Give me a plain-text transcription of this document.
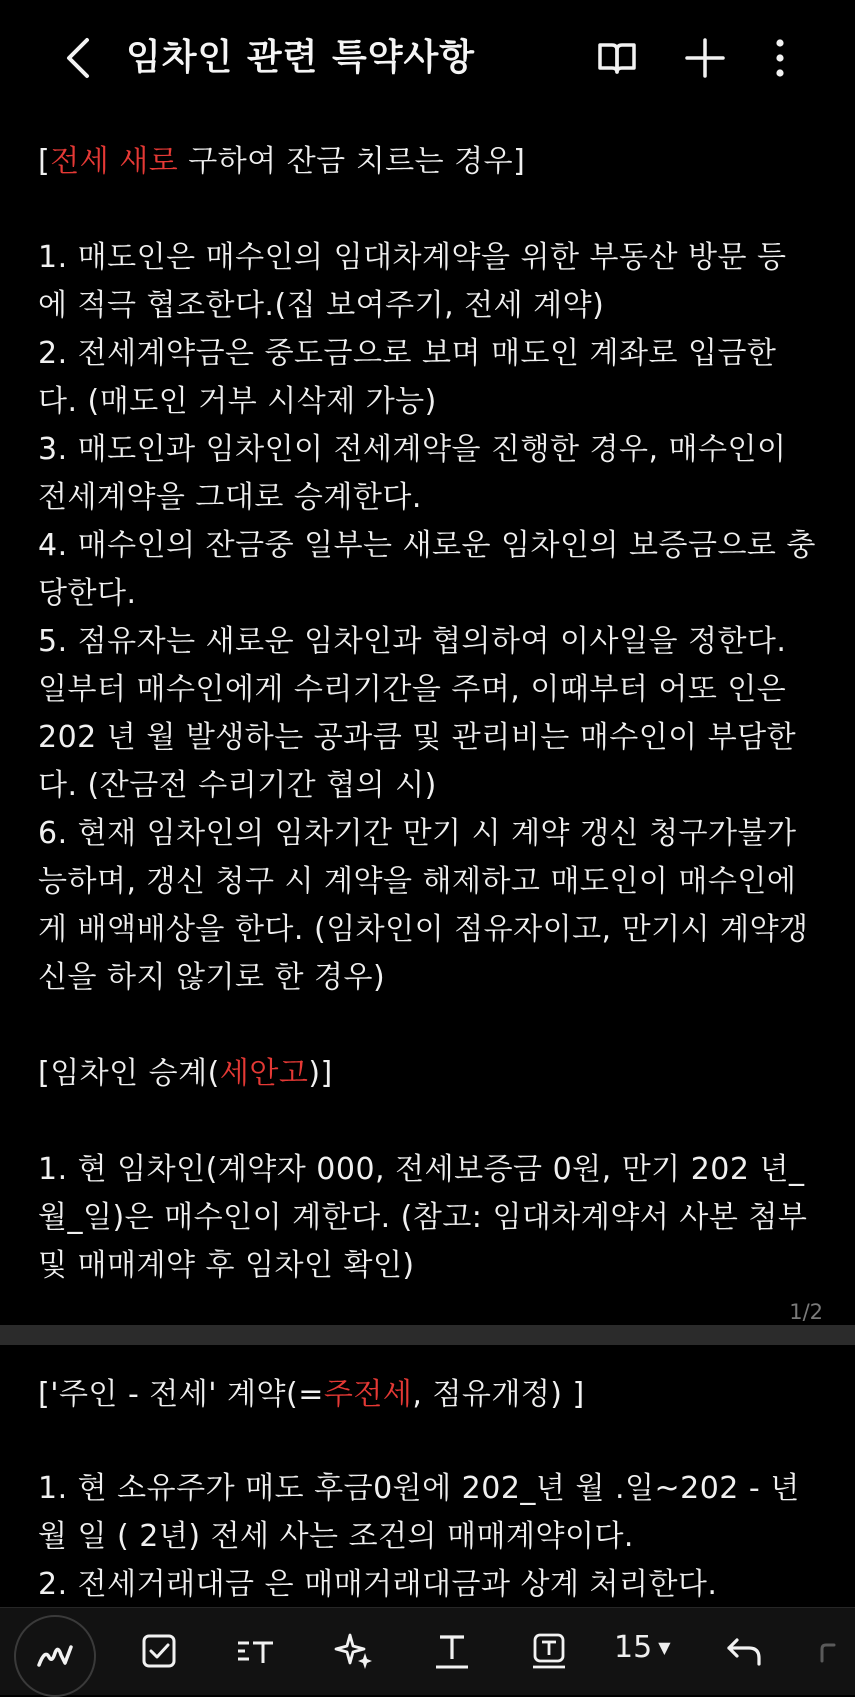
임차인 관련 특약사항
[전세 새로 구하여 잔금 치르는 경우]
1. 매도인은 매수인의 임대차계약을 위한 부동산 방문 등
에 적극 협조한다.(집 보여주기, 전세 계약)
2. 전세계약금은 중도금으로 보며 매도인 계좌로 입금한
다. (매도인 거부 시삭제 가능)
3. 매도인과 임차인이 전세계약을 진행한 경우, 매수인이
전세계약을 그대로 승계한다.
4. 매수인의 잔금중 일부는 새로운 임차인의 보증금으로 충
당한다.
5. 점유자는 새로운 임차인과 협의하여 이사일을 정한다.
일부터 매수인에게 수리기간을 주며, 이때부터 어또 인은
202 년 월 발생하는 공과큼 및 관리비는 매수인이 부담한
다. (잔금전 수리기간 협의 시)
6. 현재 임차인의 임차기간 만기 시 계약 갱신 청구가불가
능하며, 갱신 청구 시 계약을 해제하고 매도인이 매수인에
게 배액배상을 한다. (임차인이 점유자이고, 만기시 계약갱
신을 하지 않기로 한 경우)
[임차인 승계(세안고)]
1. 현 임차인(계약자 000, 전세보증금 0원, 만기 202 년_
월_일)은 매수인이 계한다. (참고: 임대차계약서 사본 첨부
및 매매계약 후 임차인 확인)
1/2
['주인 - 전세' 계약(=주전세, 점유개정) ]
1. 현 소유주가 매도 후금0원에 202_년 월 .일~202 - 년
월 일 ( 2년) 전세 사는 조건의 매매계약이다.
2. 전세거래대금 은 매매거래대금과 상계 처리한다.
15 ▼
